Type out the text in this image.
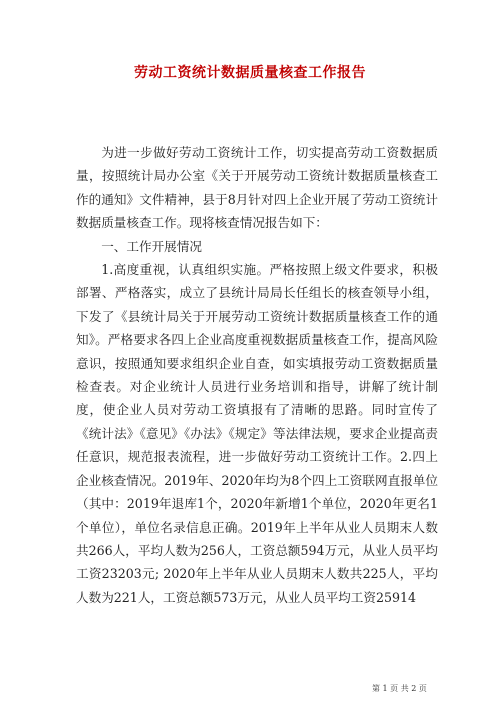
劳动工资统计数据质量核查工作报告

为进一步做好劳动工资统计工作，切实提高劳动工资数据质量，按照统计局办公室《关于开展劳动工资统计数据质量核查工作的通知》文件精神，县于8月针对四上企业开展了劳动工资统计数据质量核查工作。现将核查情况报告如下：

一、工作开展情况

1.高度重视，认真组织实施。严格按照上级文件要求，积极部署、严格落实，成立了县统计局局长任组长的核查领导小组，下发了《县统计局关于开展劳动工资统计数据质量核查工作的通知》。严格要求各四上企业高度重视数据质量核查工作，提高风险意识，按照通知要求组织企业自查，如实填报劳动工资数据质量检查表。对企业统计人员进行业务培训和指导，讲解了统计制度，使企业人员对劳动工资填报有了清晰的思路。同时宣传了《统计法》《意见》《办法》《规定》等法律法规，要求企业提高责任意识，规范报表流程，进一步做好劳动工资统计工作。2.四上企业核查情况。2019年、2020年均为8个四上工资联网直报单位（其中：2019年退库1个，2020年新增1个单位，2020年更名1个单位），单位名录信息正确。2019年上半年从业人员期末人数共266人，平均人数为256人，工资总额594万元，从业人员平均工资23203元; 2020年上半年从业人员期末人数共225人，平均人数为221人，工资总额573万元，从业人员平均工资25914

第 1 页 共 2 页
